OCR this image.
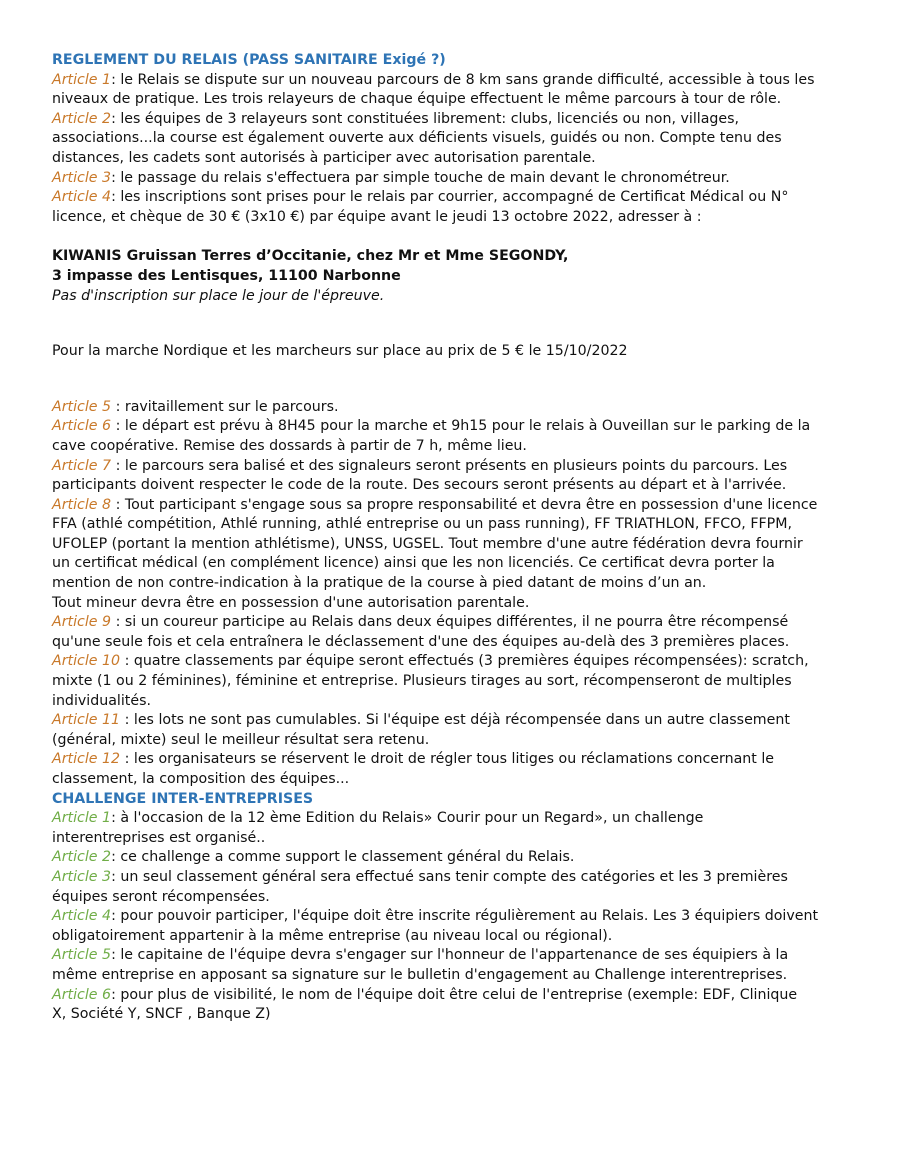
REGLEMENT DU RELAIS (PASS SANITAIRE Exigé ?)

Article 1: le Relais se dispute sur un nouveau parcours de 8 km sans grande difficulté, accessible à tous les

niveaux de pratique. Les trois relayeurs de chaque équipe effectuent le même parcours à tour de rôle.

Article 2: les équipes de 3 relayeurs sont constituées librement: clubs, licenciés ou non, villages,

associations...la course est également ouverte aux déficients visuels, guidés ou non. Compte tenu des

distances, les cadets sont autorisés à participer avec autorisation parentale.

Article 3: le passage du relais s'effectuera par simple touche de main devant le chronométreur.

Article 4: les inscriptions sont prises pour le relais par courrier, accompagné de Certificat Médical ou N°

licence, et chèque de 30 € (3x10 €) par équipe avant le jeudi 13 octobre 2022, adresser à :

KIWANIS Gruissan Terres d’Occitanie, chez Mr et Mme SEGONDY,

3 impasse des Lentisques, 11100 Narbonne

Pas d'inscription sur place le jour de l'épreuve.

Pour la marche Nordique et les marcheurs sur place au prix de 5 € le 15/10/2022

Article 5 : ravitaillement sur le parcours.

Article 6 : le départ est prévu à 8H45 pour la marche et 9h15 pour le relais à Ouveillan sur le parking de la

cave coopérative. Remise des dossards à partir de 7 h, même lieu.

Article 7 : le parcours sera balisé et des signaleurs seront présents en plusieurs points du parcours. Les

participants doivent respecter le code de la route. Des secours seront présents au départ et à l'arrivée.

Article 8 : Tout participant s'engage sous sa propre responsabilité et devra être en possession d'une licence

FFA (athlé compétition, Athlé running, athlé entreprise ou un pass running), FF TRIATHLON, FFCO, FFPM,

UFOLEP (portant la mention athlétisme), UNSS, UGSEL. Tout membre d'une autre fédération devra fournir

un certificat médical (en complément licence) ainsi que les non licenciés. Ce certificat devra porter la

mention de non contre-indication à la pratique de la course à pied datant de moins d’un an.

Tout mineur devra être en possession d'une autorisation parentale.

Article 9 : si un coureur participe au Relais dans deux équipes différentes, il ne pourra être récompensé

qu'une seule fois et cela entraînera le déclassement d'une des équipes au-delà des 3 premières places.

Article 10 : quatre classements par équipe seront effectués (3 premières équipes récompensées): scratch,

mixte (1 ou 2 féminines), féminine et entreprise. Plusieurs tirages au sort, récompenseront de multiples

individualités.

Article 11 : les lots ne sont pas cumulables. Si l'équipe est déjà récompensée dans un autre classement

(général, mixte) seul le meilleur résultat sera retenu.

Article 12 : les organisateurs se réservent le droit de régler tous litiges ou réclamations concernant le

classement, la composition des équipes...

CHALLENGE INTER-ENTREPRISES

Article 1: à l'occasion de la 12 ème Edition du Relais» Courir pour un Regard», un challenge

interentreprises est organisé..

Article 2: ce challenge a comme support le classement général du Relais.

Article 3: un seul classement général sera effectué sans tenir compte des catégories et les 3 premières

équipes seront récompensées.

Article 4: pour pouvoir participer, l'équipe doit être inscrite régulièrement au Relais. Les 3 équipiers doivent

obligatoirement appartenir à la même entreprise (au niveau local ou régional).

Article 5: le capitaine de l'équipe devra s'engager sur l'honneur de l'appartenance de ses équipiers à la

même entreprise en apposant sa signature sur le bulletin d'engagement au Challenge interentreprises.

Article 6: pour plus de visibilité, le nom de l'équipe doit être celui de l'entreprise (exemple: EDF, Clinique

X, Société Y, SNCF , Banque Z)
